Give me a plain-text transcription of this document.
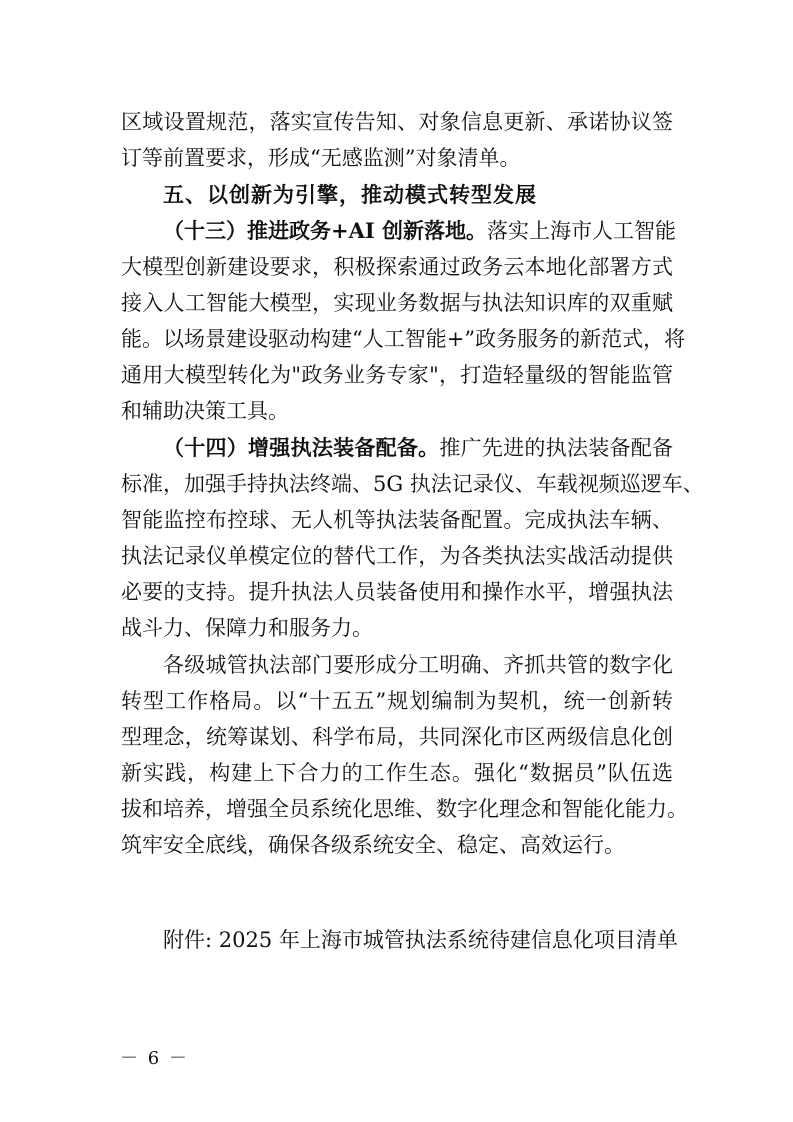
区域设置规范，落实宣传告知、对象信息更新、承诺协议签
订等前置要求，形成“无感监测”对象清单。
五、以创新为引擎，推动模式转型发展
（十三）推进政务+AI 创新落地。落实上海市人工智能
大模型创新建设要求，积极探索通过政务云本地化部署方式
接入人工智能大模型，实现业务数据与执法知识库的双重赋
能。以场景建设驱动构建“人工智能+”政务服务的新范式，将
通用大模型转化为"政务业务专家"，打造轻量级的智能监管
和辅助决策工具。
（十四）增强执法装备配备。推广先进的执法装备配备
标准，加强手持执法终端、5G 执法记录仪、车载视频巡逻车、
智能监控布控球、无人机等执法装备配置。完成执法车辆、
执法记录仪单模定位的替代工作，为各类执法实战活动提供
必要的支持。提升执法人员装备使用和操作水平，增强执法
战斗力、保障力和服务力。
各级城管执法部门要形成分工明确、齐抓共管的数字化
转型工作格局。以“十五五”规划编制为契机，统一创新转
型理念，统筹谋划、科学布局，共同深化市区两级信息化创
新实践，构建上下合力的工作生态。强化“数据员”队伍选
拔和培养，增强全员系统化思维、数字化理念和智能化能力。
筑牢安全底线，确保各级系统安全、稳定、高效运行。
附件: 2025 年上海市城管执法系统待建信息化项目清单
－ 6 －
